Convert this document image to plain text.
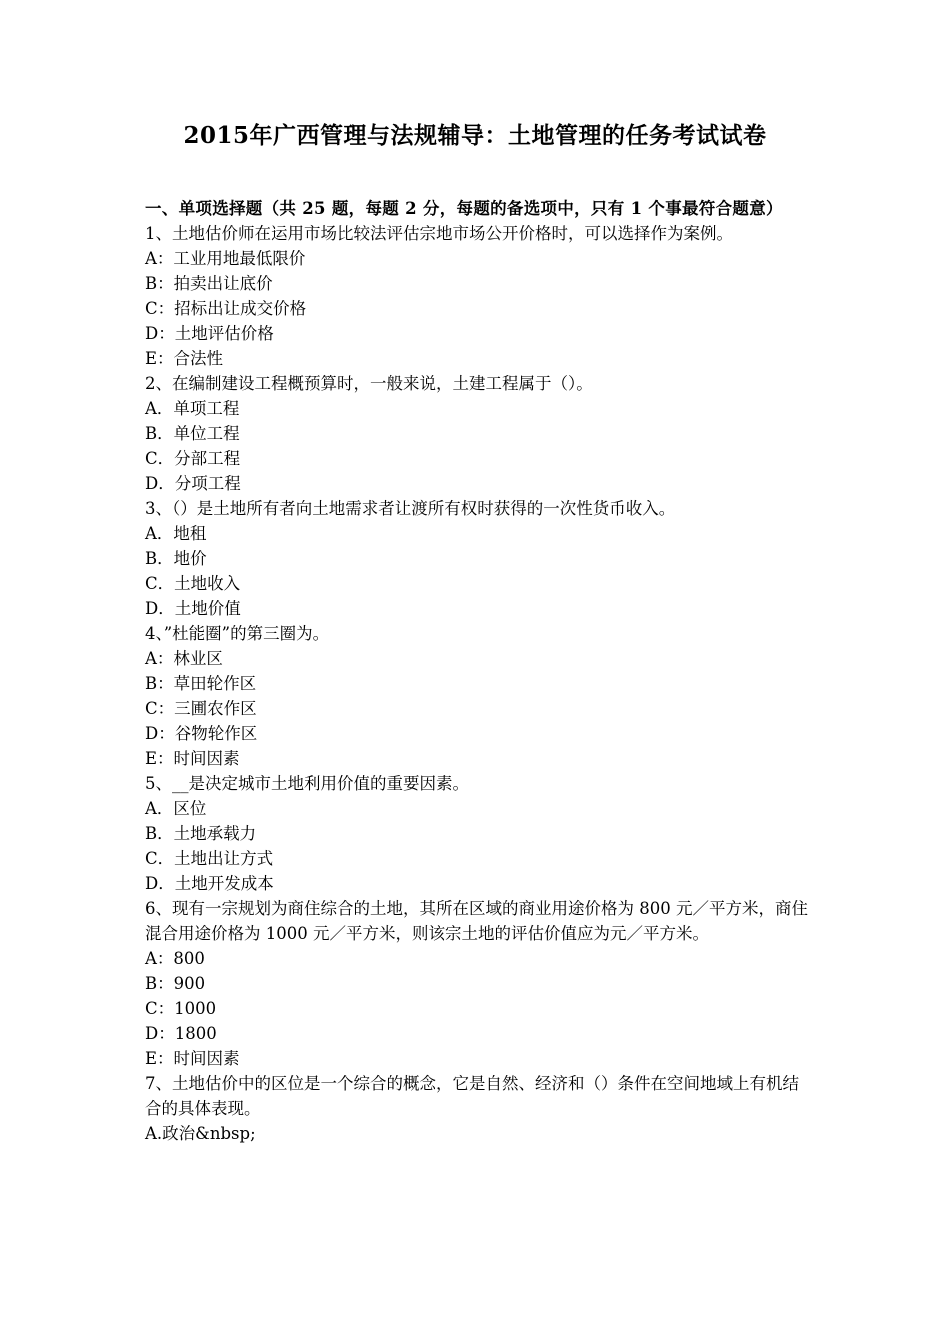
2015年广西管理与法规辅导：土地管理的任务考试试卷
一、单项选择题（共 25 题，每题 2 分，每题的备选项中，只有 1 个事最符合题意）
1、土地估价师在运用市场比较法评估宗地市场公开价格时，可以选择作为案例。
A：工业用地最低限价
B：拍卖出让底价
C：招标出让成交价格
D：土地评估价格
E：合法性
2、在编制建设工程概预算时，一般来说，土建工程属于（）。
A．单项工程
B．单位工程
C．分部工程
D．分项工程
3、（）是土地所有者向土地需求者让渡所有权时获得的一次性货币收入。
A．地租
B．地价
C．土地收入
D．土地价值
4、”杜能圈”的第三圈为。
A：林业区
B：草田轮作区
C：三圃农作区
D：谷物轮作区
E：时间因素
5、__是决定城市土地利用价值的重要因素。
A．区位
B．土地承载力
C．土地出让方式
D．土地开发成本
6、现有一宗规划为商住综合的土地，其所在区域的商业用途价格为 800 元／平方米，商住混合用途价格为 1000 元／平方米，则该宗土地的评估价值应为元／平方米。
A：800
B：900
C：1000
D：1800
E：时间因素
7、土地估价中的区位是一个综合的概念，它是自然、经济和（）条件在空间地域上有机结合的具体表现。
A.政治&nbsp;
